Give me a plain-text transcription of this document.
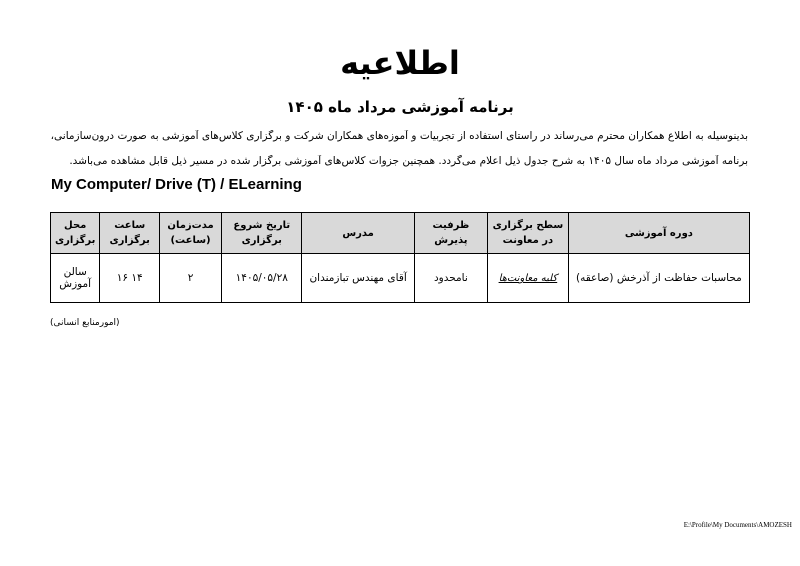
اطلاعیه
برنامه آموزشی مرداد ماه ۱۴۰۵
بدینوسیله به اطلاع همکاران محترم می‌رساند در راستای استفاده از تجربیات و آموزه‌های همکاران شرکت و برگزاری کلاس‌های آموزشی به صورت درون‌سازمانی،
برنامه آموزشی مرداد ماه سال ۱۴۰۵ به شرح جدول ذیل اعلام می‌گردد. همچنین جزوات کلاس‌های آموزشی برگزار شده در مسیر ذیل قابل مشاهده می‌باشد.
My Computer/ Drive (T) / ELearning
دوره آموزشی	سطح برگزاری در معاونت	ظرفیت پذیرش	مدرس	تاریخ شروع برگزاری	مدت‌زمان (ساعت)	ساعت برگزاری	محل برگزاری
محاسبات حفاظت از آذرخش (صاعقه)	کلیه معاونت‌ها	نامحدود	آقای مهندس تبازمندان	۱۴۰۵/۰۵/۲۸	۲	۱۴ ۱۶	سالن آموزش
(امورمنابع انسانی)
E:\Profile\My Documents\AMOZESH
